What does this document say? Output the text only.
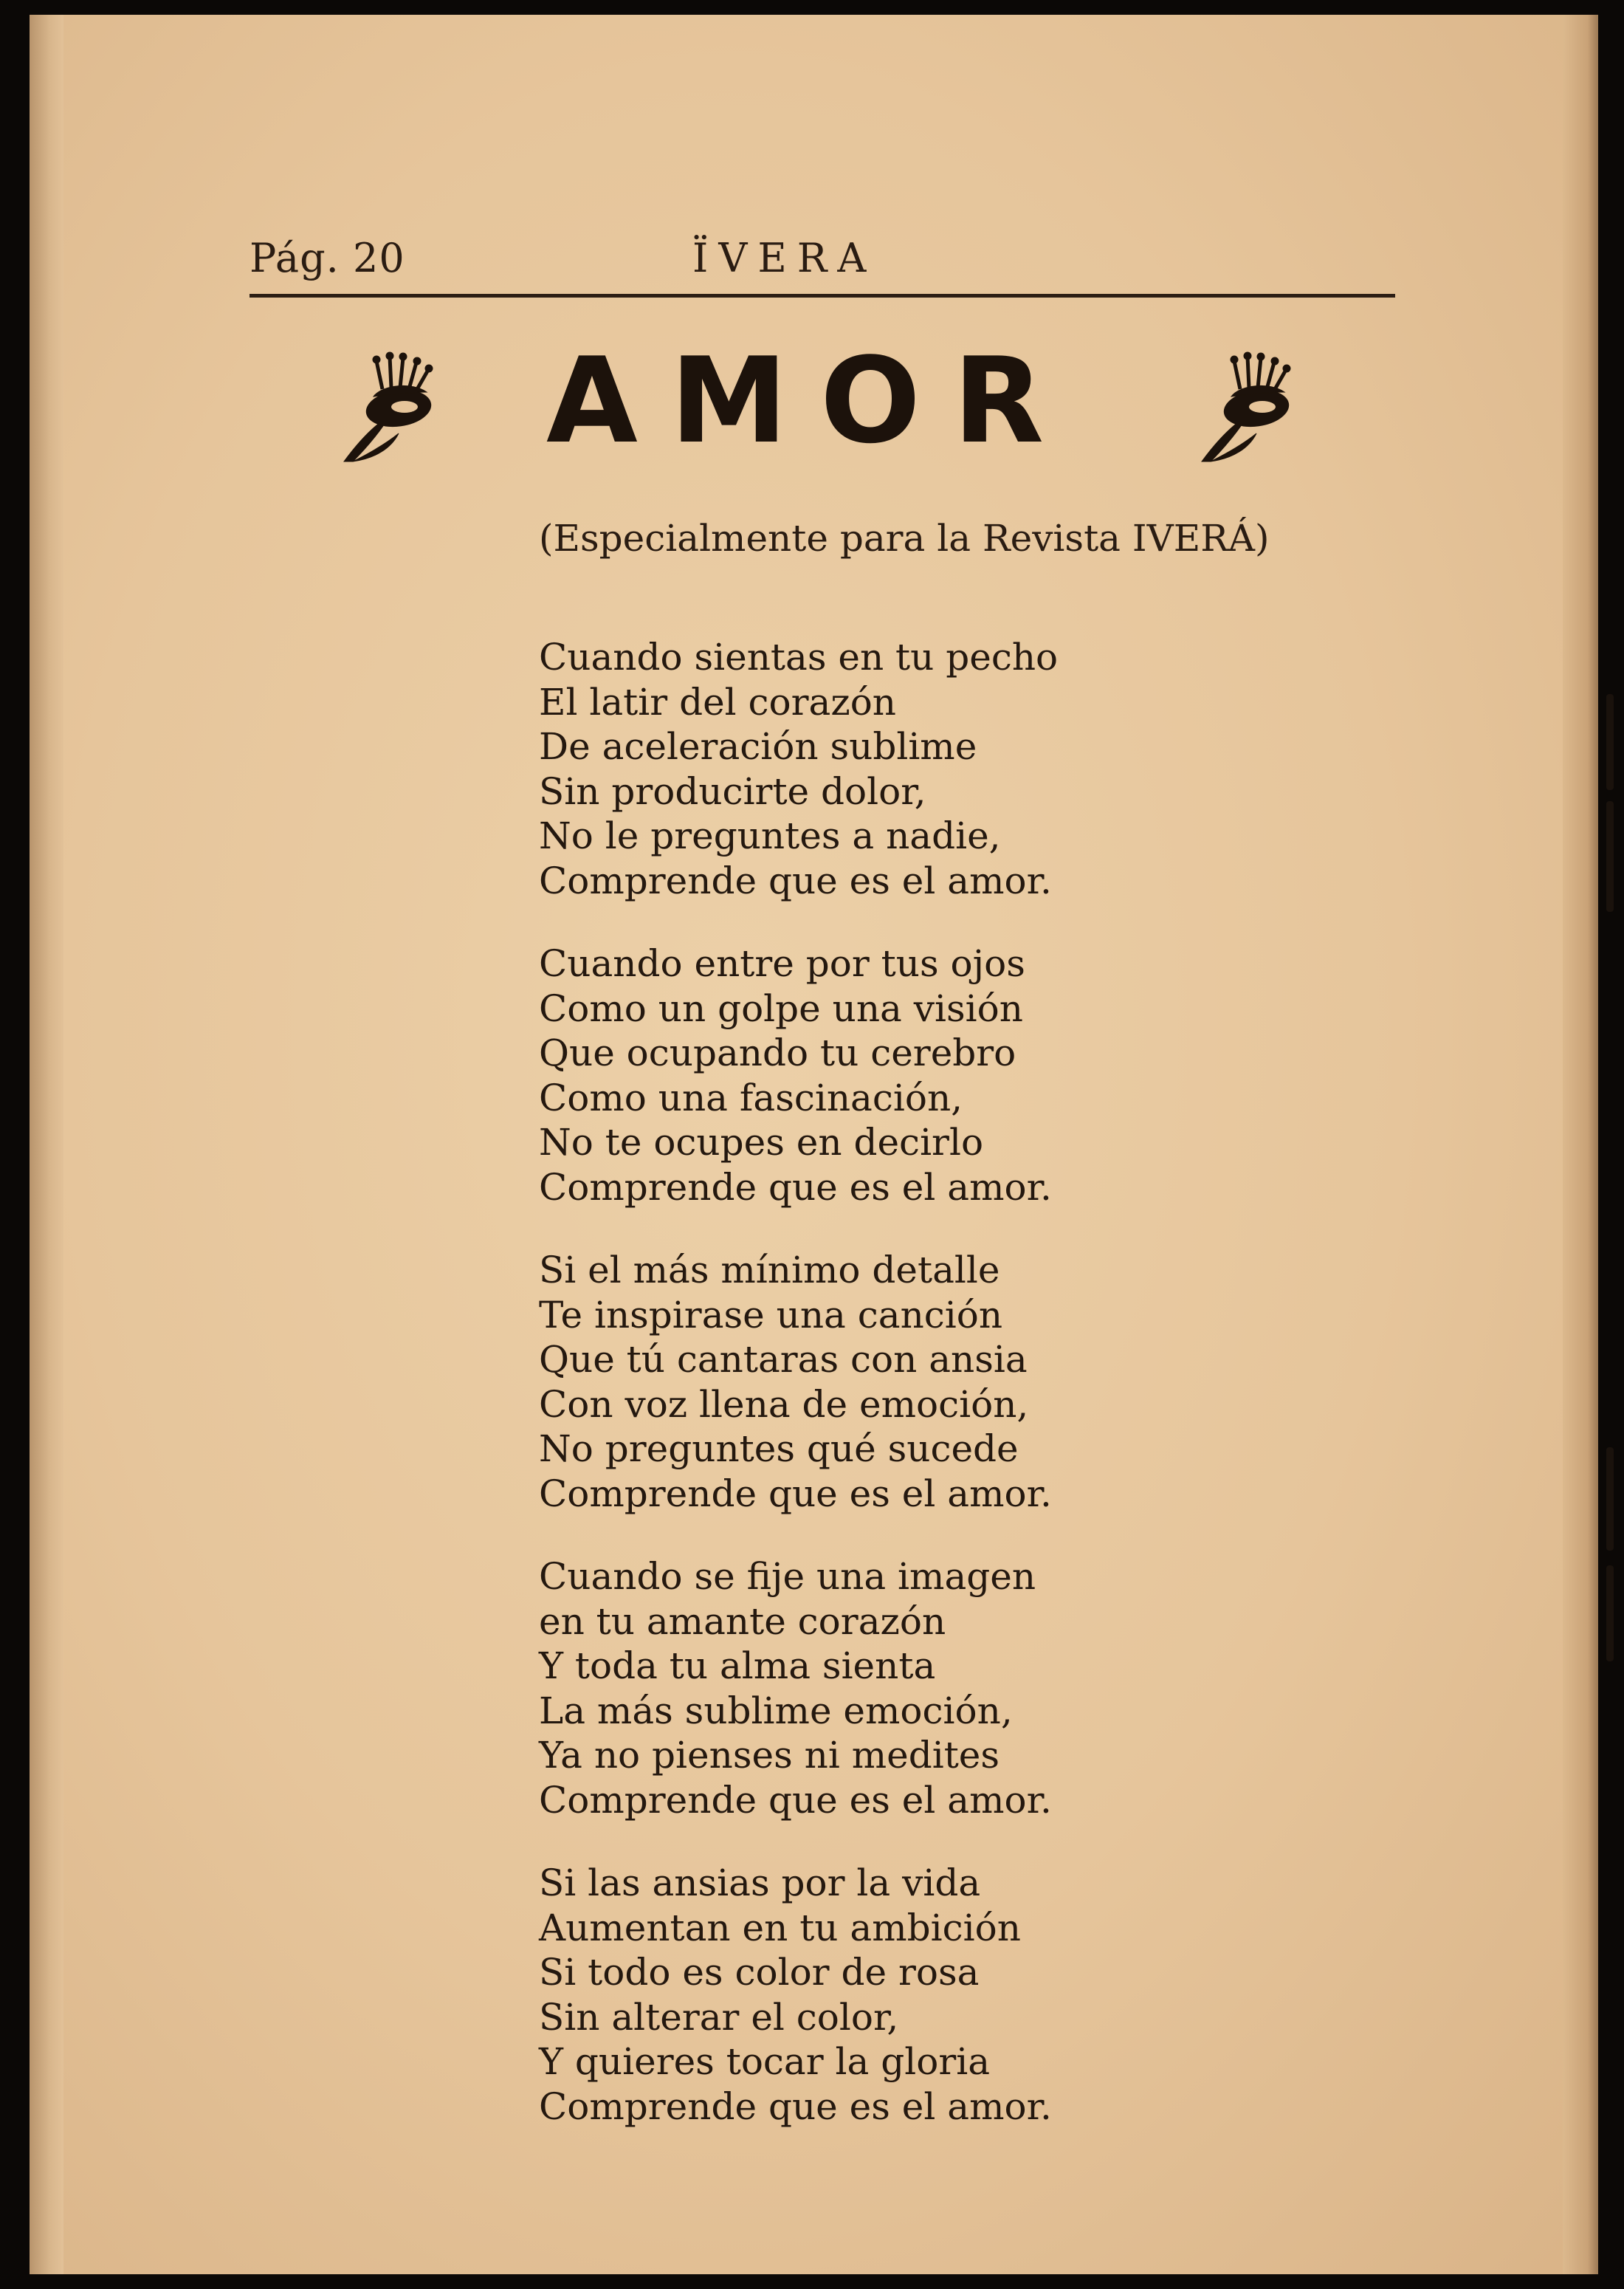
Pág. 20	ÏVERA
AMOR
(Especialmente para la Revista IVERÁ)
Cuando sientas en tu pecho
El latir del corazón
De aceleración sublime
Sin producirte dolor,
No le preguntes a nadie,
Comprende que es el amor.
Cuando entre por tus ojos
Como un golpe una visión
Que ocupando tu cerebro
Como una fascinación,
No te ocupes en decirlo
Comprende que es el amor.
Si el más mínimo detalle
Te inspirase una canción
Que tú cantaras con ansia
Con voz llena de emoción,
No preguntes qué sucede
Comprende que es el amor.
Cuando se fije una imagen
en tu amante corazón
Y toda tu alma sienta
La más sublime emoción,
Ya no pienses ni medites
Comprende que es el amor.
Si las ansias por la vida
Aumentan en tu ambición
Si todo es color de rosa
Sin alterar el color,
Y quieres tocar la gloria
Comprende que es el amor.
